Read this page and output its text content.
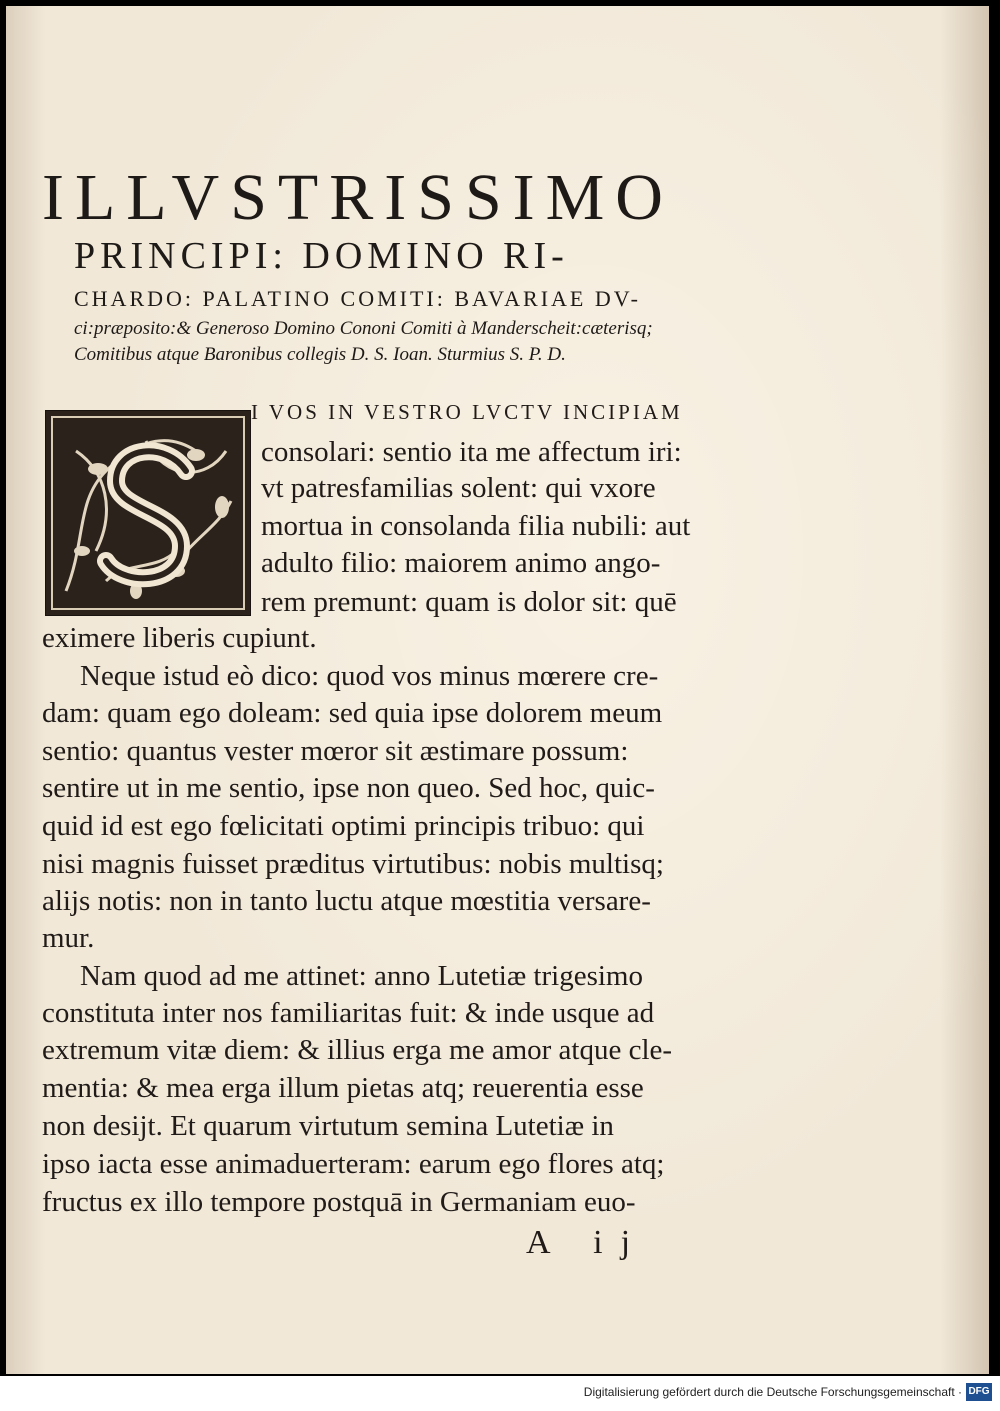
ILLVSTRISSIMO
PRINCIPI: DOMINO RI-
CHARDO: PALATINO COMITI: BAVARIAE DV-
ci:præposito:& Generoso Domino Cononi Comiti à Manderscheit:cæterisq;
Comitibus atque Baronibus collegis D. S. Ioan. Sturmius S. P. D.
I VOS IN VESTRO LVCTV INCIPIAM
consolari: sentio ita me affectum iri:
vt patresfamilias solent: qui vxore
mortua in consolanda filia nubili: aut
adulto filio: maiorem animo ango-
rem premunt: quam is dolor sit: quē
eximere liberis cupiunt.
Neque istud eò dico: quod vos minus mœrere cre-
dam: quam ego doleam: sed quia ipse dolorem meum
sentio: quantus vester mœror sit æstimare possum:
sentire ut in me sentio, ipse non queo. Sed hoc, quic-
quid id est ego fœlicitati optimi principis tribuo: qui
nisi magnis fuisset præditus virtutibus: nobis multisq;
alijs notis: non in tanto luctu atque mœstitia versare-
mur.
Nam quod ad me attinet: anno Lutetiæ trigesimo
constituta inter nos familiaritas fuit: & inde usque ad
extremum vitæ diem: & illius erga me amor atque cle-
mentia: & mea erga illum pietas atq; reuerentia esse
non desijt. Et quarum virtutum semina Lutetiæ in
ipso iacta esse animaduerteram: earum ego flores atq;
fructus ex illo tempore postquā in Germaniam euo-
A ij
Digitalisierung gefördert durch die Deutsche Forschungsgemeinschaft · DFG
